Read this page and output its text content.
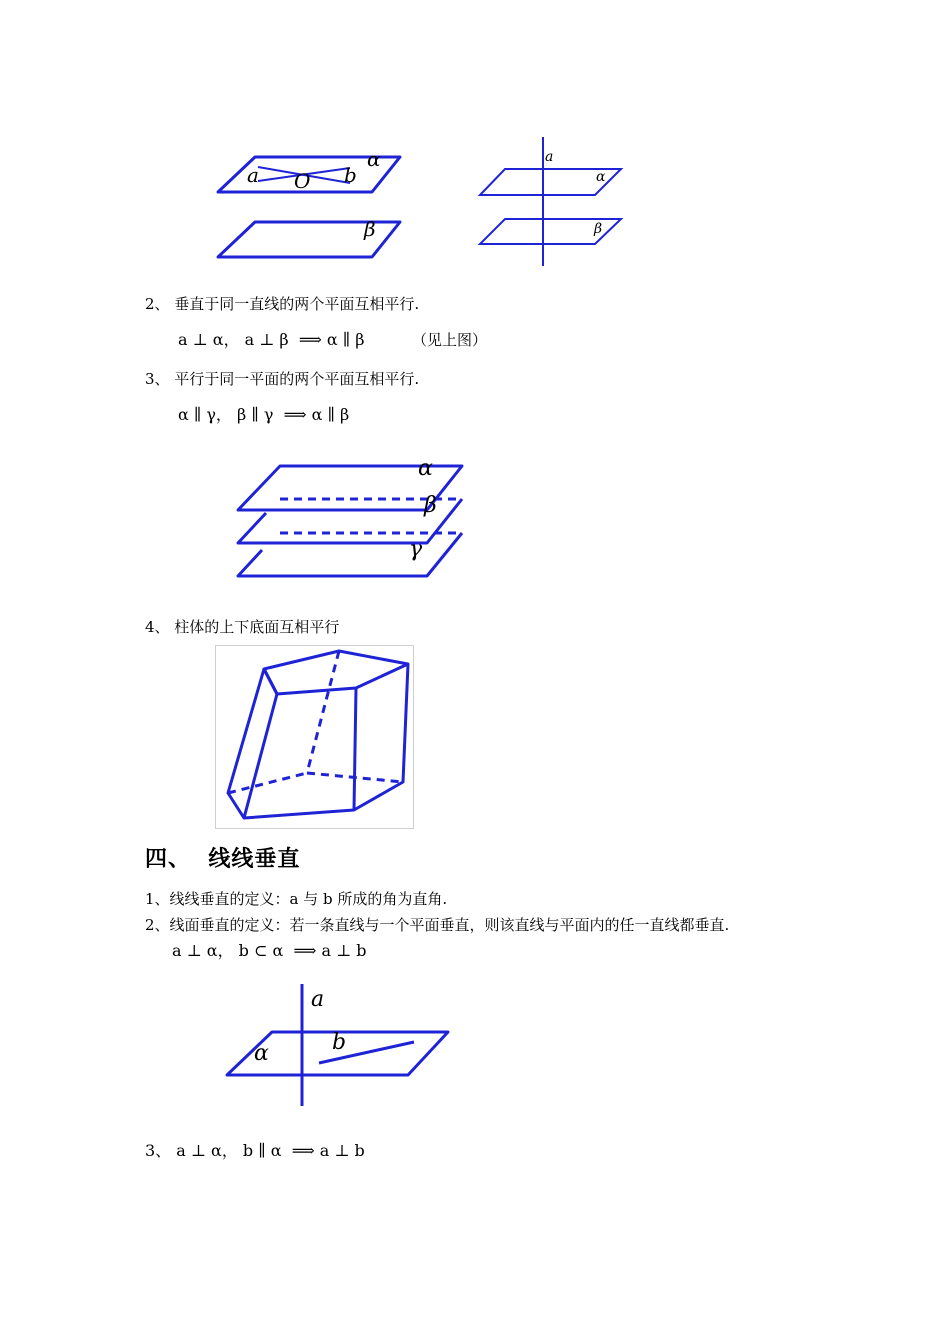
a O b
α
β
a
α
β
2、 垂直于同一直线的两个平面互相平行.
a ⊥ α， a ⊥ β  ⟹ α ∥ β	（见上图）
3、 平行于同一平面的两个平面互相平行.
α ∥ γ， β ∥ γ  ⟹ α ∥ β
α
β
γ
4、 柱体的上下底面互相平行
四、  线线垂直
1、线线垂直的定义：a 与 b 所成的角为直角.
2、线面垂直的定义：若一条直线与一个平面垂直，则该直线与平面内的任一直线都垂直.
a ⊥ α， b ⊂ α  ⟹ a ⊥ b
a
b
α
3、 a ⊥ α， b ∥ α  ⟹ a ⊥ b
